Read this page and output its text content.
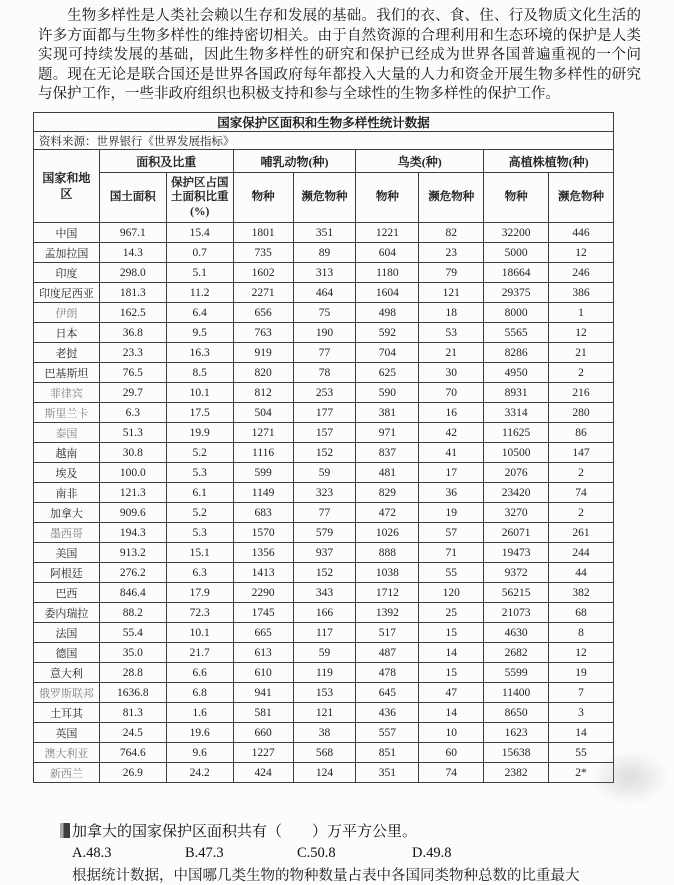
生物多样性是人类社会赖以生存和发展的基础。我们的衣、食、住、行及物质文化生活的许多方面都与生物多样性的维持密切相关。由于自然资源的合理利用和生态环境的保护是人类实现可持续发展的基础，因此生物多样性的研究和保护已经成为世界各国普遍重视的一个问题。现在无论是联合国还是世界各国政府每年都投入大量的人力和资金开展生物多样性的研究与保护工作，一些非政府组织也积极支持和参与全球性的生物多样性的保护工作。
国家保护区面积和生物多样性统计数据								
资料来源：世界银行《世界发展指标》								
国家和地区	面积及比重		哺乳动物(种)		鸟类(种)		高植株植物(种)	
	国土面积	保护区占国土面积比重(%)	物种	濒危物种	物种	濒危物种	物种	濒危物种
中国	967.1	15.4	1801	351	1221	82	32200	446
孟加拉国	14.3	0.7	735	89	604	23	5000	12
印度	298.0	5.1	1602	313	1180	79	18664	246
印度尼西亚	181.3	11.2	2271	464	1604	121	29375	386
伊朗	162.5	6.4	656	75	498	18	8000	1
日本	36.8	9.5	763	190	592	53	5565	12
老挝	23.3	16.3	919	77	704	21	8286	21
巴基斯坦	76.5	8.5	820	78	625	30	4950	2
菲律宾	29.7	10.1	812	253	590	70	8931	216
斯里兰卡	6.3	17.5	504	177	381	16	3314	280
泰国	51.3	19.9	1271	157	971	42	11625	86
越南	30.8	5.2	1116	152	837	41	10500	147
埃及	100.0	5.3	599	59	481	17	2076	2
南非	121.3	6.1	1149	323	829	36	23420	74
加拿大	909.6	5.2	683	77	472	19	3270	2
墨西哥	194.3	5.3	1570	579	1026	57	26071	261
美国	913.2	15.1	1356	937	888	71	19473	244
阿根廷	276.2	6.3	1413	152	1038	55	9372	44
巴西	846.4	17.9	2290	343	1712	120	56215	382
委内瑞拉	88.2	72.3	1745	166	1392	25	21073	68
法国	55.4	10.1	665	117	517	15	4630	8
德国	35.0	21.7	613	59	487	14	2682	12
意大利	28.8	6.6	610	119	478	15	5599	19
俄罗斯联邦	1636.8	6.8	941	153	645	47	11400	7
土耳其	81.3	1.6	581	121	436	14	8650	3
英国	24.5	19.6	660	38	557	10	1623	14
澳大利亚	764.6	9.6	1227	568	851	60	15638	55
新西兰	26.9	24.2	424	124	351	74	2382	2*
加拿大的国家保护区面积共有（　　）万平方公里。
A.48.3	B.47.3	C.50.8	D.49.8
根据统计数据，中国哪几类生物的物种数量占表中各国同类物种总数的比重最大
